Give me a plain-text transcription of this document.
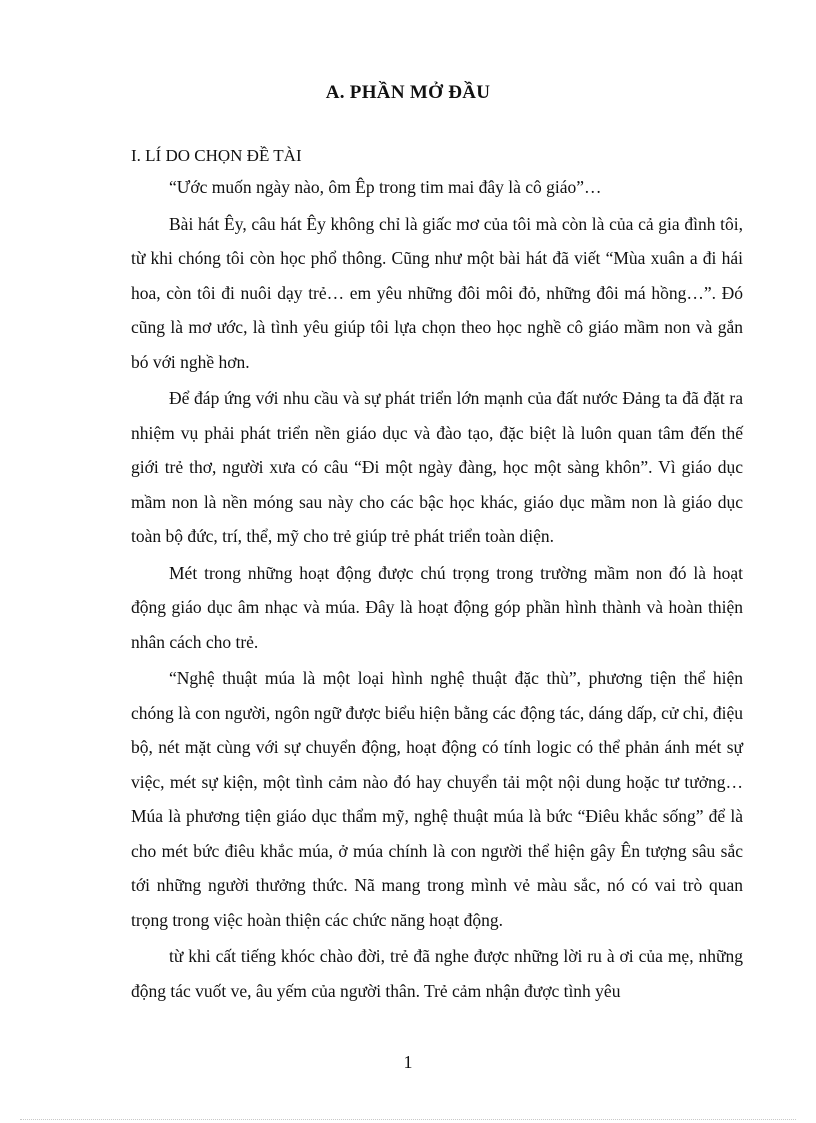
A. PHẦN MỞ ĐẦU
I. LÍ DO CHỌN ĐỀ TÀI

“Ước muốn ngày nào, ôm Êp trong tim mai đây là cô giáo”…

Bài hát Êy, câu hát Êy không chỉ là giấc mơ của tôi mà còn là của cả gia đình tôi, từ khi chóng tôi còn học phổ thông. Cũng như một bài hát đã viết “Mùa xuân a đi hái hoa, còn tôi đi nuôi dạy trẻ… em yêu những đôi môi đỏ, những đôi má hồng…”. Đó cũng là mơ ước, là tình yêu giúp tôi lựa chọn theo học nghề cô giáo mầm non và gắn bó với nghề hơn.

Để đáp ứng với nhu cầu và sự phát triển lớn mạnh của đất nước Đảng ta đã đặt ra nhiệm vụ phải phát triển nền giáo dục và đào tạo, đặc biệt là luôn quan tâm đến thế giới trẻ thơ, người xưa có câu “Đi một ngày đàng, học một sàng khôn”. Vì giáo dục mầm non là nền móng sau này cho các bậc học khác, giáo dục mầm non là giáo dục toàn bộ đức, trí, thể, mỹ cho trẻ giúp trẻ phát triển toàn diện.

Mét trong những hoạt động được chú trọng trong trường mầm non đó là hoạt động giáo dục âm nhạc và múa. Đây là hoạt động góp phần hình thành và hoàn thiện nhân cách cho trẻ.

“Nghệ thuật múa là một loại hình nghệ thuật đặc thù”, phương tiện thể hiện chóng là con người, ngôn ngữ được biểu hiện bằng các động tác, dáng dấp, cử chỉ, điệu bộ, nét mặt cùng với sự chuyển động, hoạt động có tính logic có thể phản ánh mét sự việc, mét sự kiện, một tình cảm nào đó hay chuyển tải một nội dung hoặc tư tưởng… Múa là phương tiện giáo dục thẩm mỹ, nghệ thuật múa là bức “Điêu khắc sống” để là cho mét bức điêu khắc múa, ở múa chính là con người thể hiện gây Ên tượng sâu sắc tới những người thưởng thức. Nã mang trong mình vẻ màu sắc, nó có vai trò quan trọng trong việc hoàn thiện các chức năng hoạt động.

từ khi cất tiếng khóc chào đời, trẻ đã nghe được những lời ru à ơi của mẹ, những động tác vuốt ve, âu yếm của người thân. Trẻ cảm nhận được tình yêu

1
